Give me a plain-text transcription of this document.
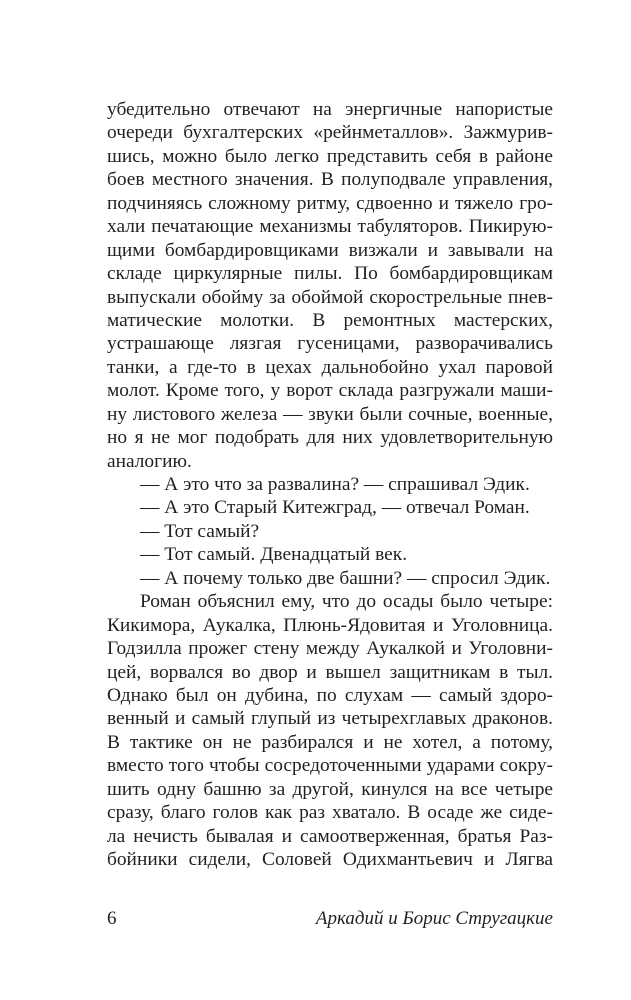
убедительно отвечают на энергичные напористые
очереди бухгалтерских «рейнметаллов». Зажмурив-
шись, можно было легко представить себя в районе
боев местного значения. В полуподвале управления,
подчиняясь сложному ритму, сдвоенно и тяжело гро-
хали печатающие механизмы табуляторов. Пикирую-
щими бомбардировщиками визжали и завывали на
складе циркулярные пилы. По бомбардировщикам
выпускали обойму за обоймой скорострельные пнев-
матические молотки. В ремонтных мастерских,
устрашающе лязгая гусеницами, разворачивались
танки, а где-то в цехах дальнобойно ухал паровой
молот. Кроме того, у ворот склада разгружали маши-
ну листового железа — звуки были сочные, военные,
но я не мог подобрать для них удовлетворительную
аналогию.
— А это что за развалина? — спрашивал Эдик.
— А это Старый Китежград, — отвечал Роман.
— Тот самый?
— Тот самый. Двенадцатый век.
— А почему только две башни? — спросил Эдик.
Роман объяснил ему, что до осады было четыре:
Кикимора, Аукалка, Плюнь-Ядовитая и Уголовница.
Годзилла прожег стену между Аукалкой и Уголовни-
цей, ворвался во двор и вышел защитникам в тыл.
Однако был он дубина, по слухам — самый здоро-
венный и самый глупый из четырехглавых драконов.
В тактике он не разбирался и не хотел, а потому,
вместо того чтобы сосредоточенными ударами сокру-
шить одну башню за другой, кинулся на все четыре
сразу, благо голов как раз хватало. В осаде же сиде-
ла нечисть бывалая и самоотверженная, братья Раз-
бойники сидели, Соловей Одихмантьевич и Лягва
6	Аркадий и Борис Стругацкие
